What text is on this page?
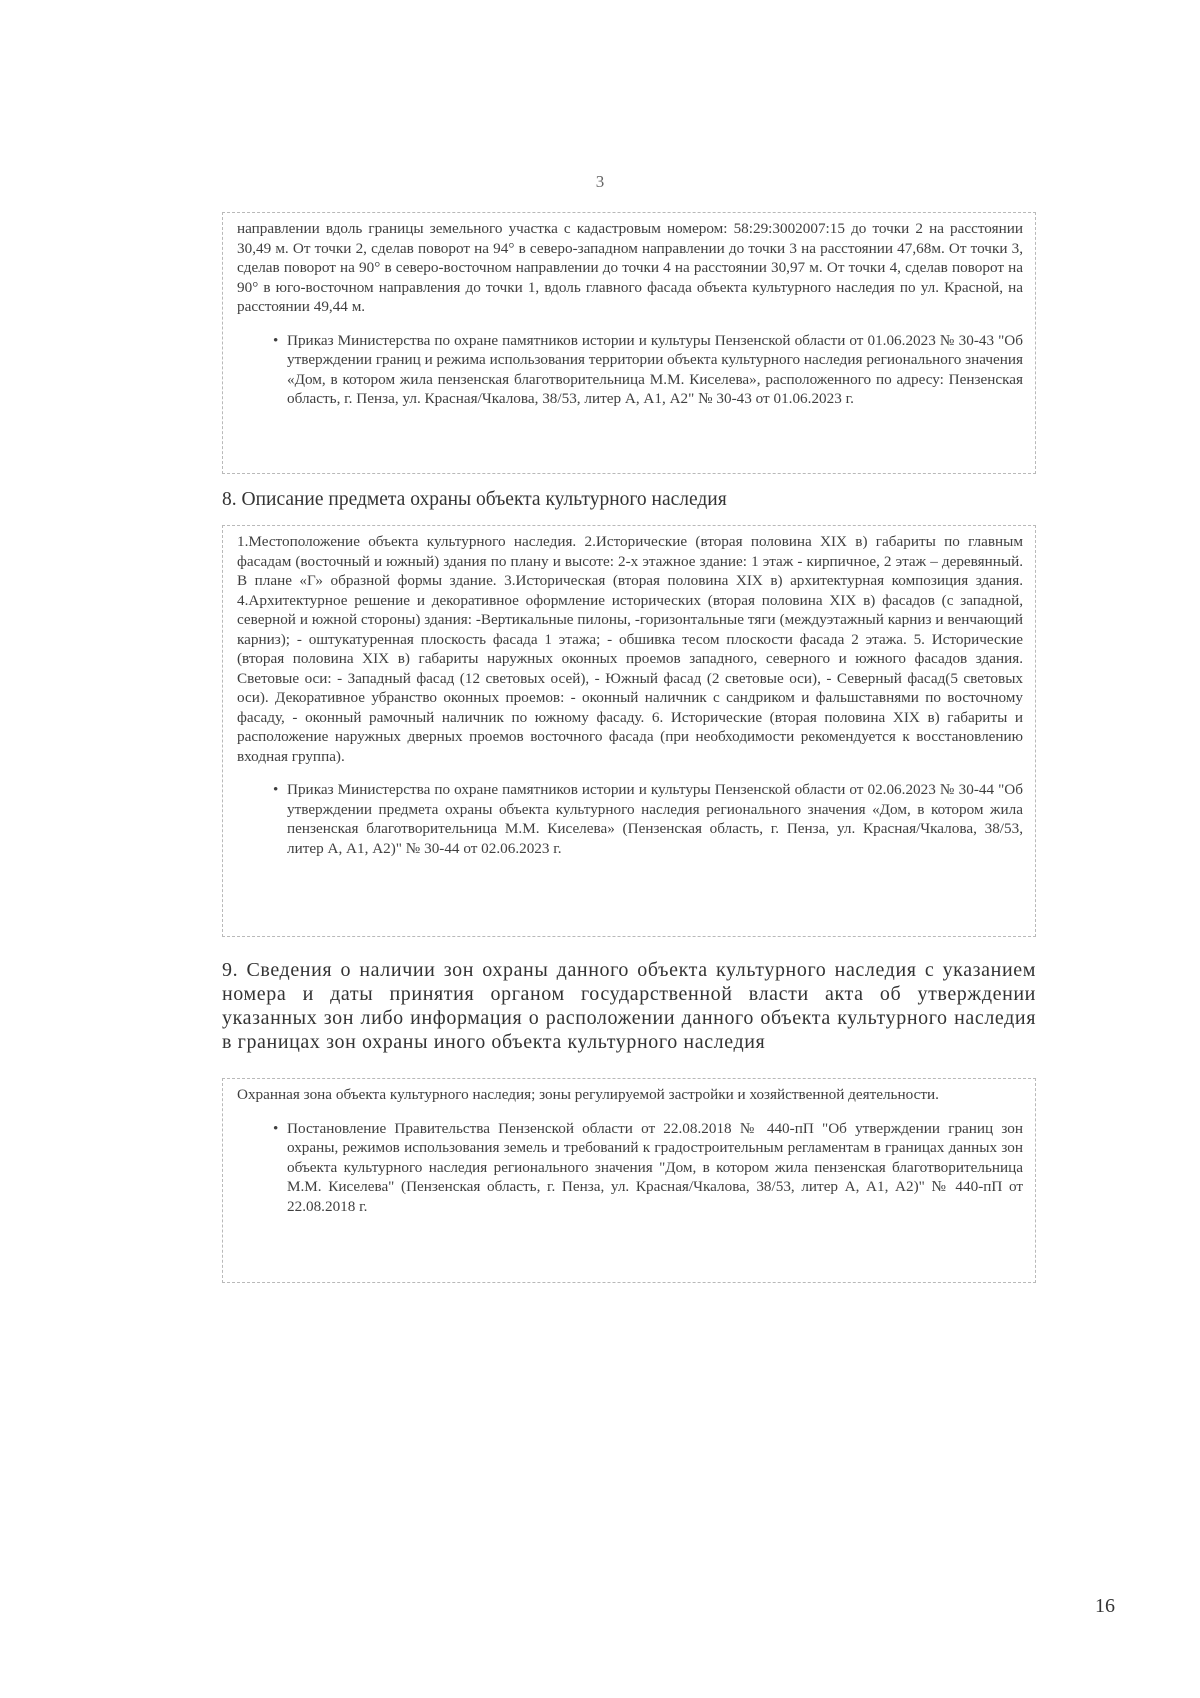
3

направлении вдоль границы земельного участка с кадастровым номером: 58:29:3002007:15 до точки 2 на расстоянии 30,49 м. От точки 2, сделав поворот на 94° в северо-западном направлении до точки 3 на расстоянии 47,68м. От точки 3, сделав поворот на 90° в северо-восточном направлении до точки 4 на расстоянии 30,97 м. От точки 4, сделав поворот на 90° в юго-восточном направления до точки 1, вдоль главного фасада объекта культурного наследия по ул. Красной, на расстоянии 49,44 м.

• Приказ Министерства по охране памятников истории и культуры Пензенской области от 01.06.2023 № 30-43 "Об утверждении границ и режима использования территории объекта культурного наследия регионального значения «Дом, в котором жила пензенская благотворительница М.М. Киселева», расположенного по адресу: Пензенская область, г. Пенза, ул. Красная/Чкалова, 38/53, литер А, А1, А2" № 30-43 от 01.06.2023 г.
8. Описание предмета охраны объекта культурного наследия

1.Местоположение объекта культурного наследия. 2.Исторические (вторая половина XIX в) габариты по главным фасадам (восточный и южный) здания по плану и высоте: 2-х этажное здание: 1 этаж - кирпичное, 2 этаж – деревянный. В плане «Г» образной формы здание. 3.Историческая (вторая половина XIX в) архитектурная композиция здания. 4.Архитектурное решение и декоративное оформление исторических (вторая половина XIX в) фасадов (с западной, северной и южной стороны) здания: -Вертикальные пилоны, -горизонтальные тяги (междуэтажный карниз и венчающий карниз); - оштукатуренная плоскость фасада 1 этажа; - обшивка тесом плоскости фасада 2 этажа. 5. Исторические (вторая половина XIX в) габариты наружных оконных проемов западного, северного и южного фасадов здания. Световые оси: - Западный фасад (12 световых осей), - Южный фасад (2 световые оси), - Северный фасад(5 световых оси). Декоративное убранство оконных проемов: - оконный наличник с сандриком и фальшставнями по восточному фасаду, - оконный рамочный наличник по южному фасаду. 6. Исторические (вторая половина XIX в) габариты и расположение наружных дверных проемов восточного фасада (при необходимости рекомендуется к восстановлению входная группа).

• Приказ Министерства по охране памятников истории и культуры Пензенской области от 02.06.2023 № 30-44 "Об утверждении предмета охраны объекта культурного наследия регионального значения «Дом, в котором жила пензенская благотворительница М.М. Киселева» (Пензенская область, г. Пенза, ул. Красная/Чкалова, 38/53, литер А, А1, А2)" № 30-44 от 02.06.2023 г.
9. Сведения о наличии зон охраны данного объекта культурного наследия с указанием номера и даты принятия органом государственной власти акта об утверждении указанных зон либо информация о расположении данного объекта культурного наследия в границах зон охраны иного объекта культурного наследия

Охранная зона объекта культурного наследия; зоны регулируемой застройки и хозяйственной деятельности.

• Постановление Правительства Пензенской области от 22.08.2018 № 440-пП "Об утверждении границ зон охраны, режимов использования земель и требований к градостроительным регламентам в границах данных зон объекта культурного наследия регионального значения "Дом, в котором жила пензенская благотворительница М.М. Киселева" (Пензенская область, г. Пенза, ул. Красная/Чкалова, 38/53, литер А, А1, А2)" № 440-пП от 22.08.2018 г.
16
